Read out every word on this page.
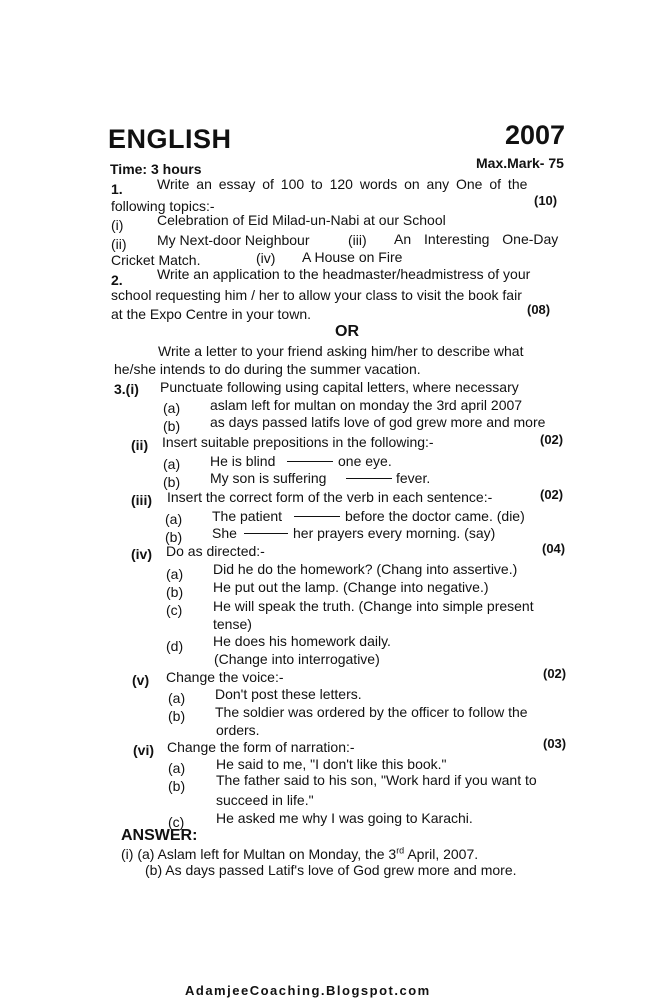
ENGLISH	2007
Time: 3 hours	Max.Mark- 75
1. Write an essay of 100 to 120 words on any One of the
following topics:-	(10)
(i) Celebration of Eid Milad-un-Nabi at our School
(ii) My Next-door Neighbour	(iii) An Interesting One-Day
Cricket Match.	(iv) A House on Fire
2. Write an application to the headmaster/headmistress of your
school requesting him / her to allow your class to visit the book fair
at the Expo Centre in your town.	(08)
OR
Write a letter to your friend asking him/her to describe what
he/she intends to do during the summer vacation.
3.(i) Punctuate following using capital letters, where necessary
(a) aslam left for multan on monday the 3rd april 2007
(b) as days passed latifs love of god grew more and more
(ii) Insert suitable prepositions in the following:-	(02)
(a) He is blind	one eye.
(b) My son is suffering	fever.
(iii) Insert the correct form of the verb in each sentence:-	(02)
(a) The patient	before the doctor came. (die)
(b) She	her prayers every morning. (say)
(iv) Do as directed:-	(04)
(a) Did he do the homework? (Chang into assertive.)
(b) He put out the lamp. (Change into negative.)
(c) He will speak the truth. (Change into simple present
tense)
(d) He does his homework daily.
(Change into interrogative)
(v) Change the voice:-	(02)
(a) Don't post these letters.
(b) The soldier was ordered by the officer to follow the
orders.
(vi) Change the form of narration:-	(03)
(a) He said to me, "I don't like this book."
(b) The father said to his son, "Work hard if you want to
succeed in life."
(c) He asked me why I was going to Karachi.
ANSWER:
(i) (a) Aslam left for Multan on Monday, the 3rd April, 2007.
(b) As days passed Latif's love of God grew more and more.
AdamjeeCoaching.Blogspot.com
